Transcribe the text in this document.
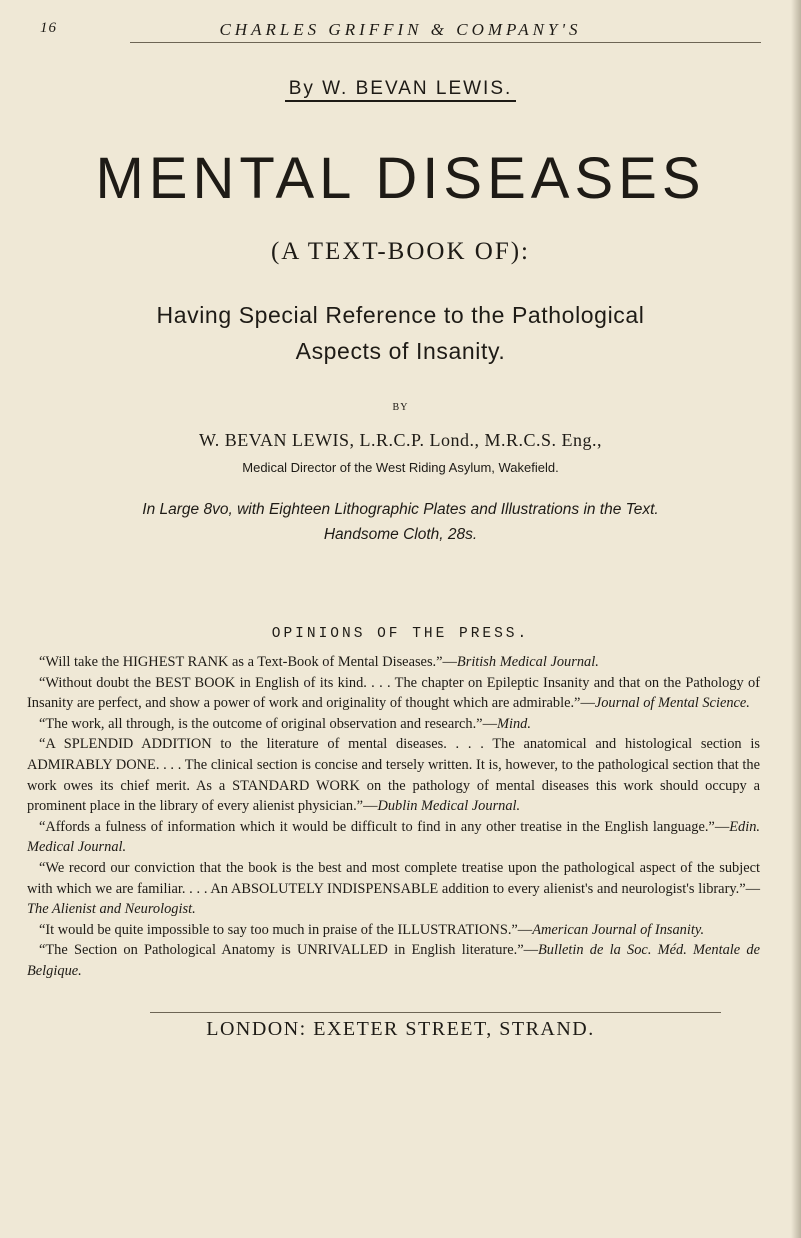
16	CHARLES GRIFFIN & COMPANY'S
By W. BEVAN LEWIS.
MENTAL DISEASES
(A TEXT-BOOK OF):
Having Special Reference to the Pathological
Aspects of Insanity.
BY
W. BEVAN LEWIS, L.R.C.P. Lond., M.R.C.S. Eng.,
Medical Director of the West Riding Asylum, Wakefield.
In Large 8vo, with Eighteen Lithographic Plates and Illustrations in the Text.
Handsome Cloth, 28s.
OPINIONS OF THE PRESS.

“Will take the HIGHEST RANK as a Text-Book of Mental Diseases.”—British Medical Journal.

“Without doubt the BEST BOOK in English of its kind. . . . The chapter on Epileptic Insanity and that on the Pathology of Insanity are perfect, and show a power of work and originality of thought which are admirable.”—Journal of Mental Science.

“The work, all through, is the outcome of original observation and research.”—Mind.

“A SPLENDID ADDITION to the literature of mental diseases. . . . The anatomical and histological section is ADMIRABLY DONE. . . . The clinical section is concise and tersely written. It is, however, to the pathological section that the work owes its chief merit. As a STANDARD WORK on the pathology of mental diseases this work should occupy a prominent place in the library of every alienist physician.”—Dublin Medical Journal.

“Affords a fulness of information which it would be difficult to find in any other treatise in the English language.”—Edin. Medical Journal.

“We record our conviction that the book is the best and most complete treatise upon the pathological aspect of the subject with which we are familiar. . . . An ABSOLUTELY INDISPENSABLE addition to every alienist's and neurologist's library.”—The Alienist and Neurologist.

“It would be quite impossible to say too much in praise of the ILLUSTRATIONS.”—American Journal of Insanity.

“The Section on Pathological Anatomy is UNRIVALLED in English literature.”—Bulletin de la Soc. Méd. Mentale de Belgique.

LONDON: EXETER STREET, STRAND.
